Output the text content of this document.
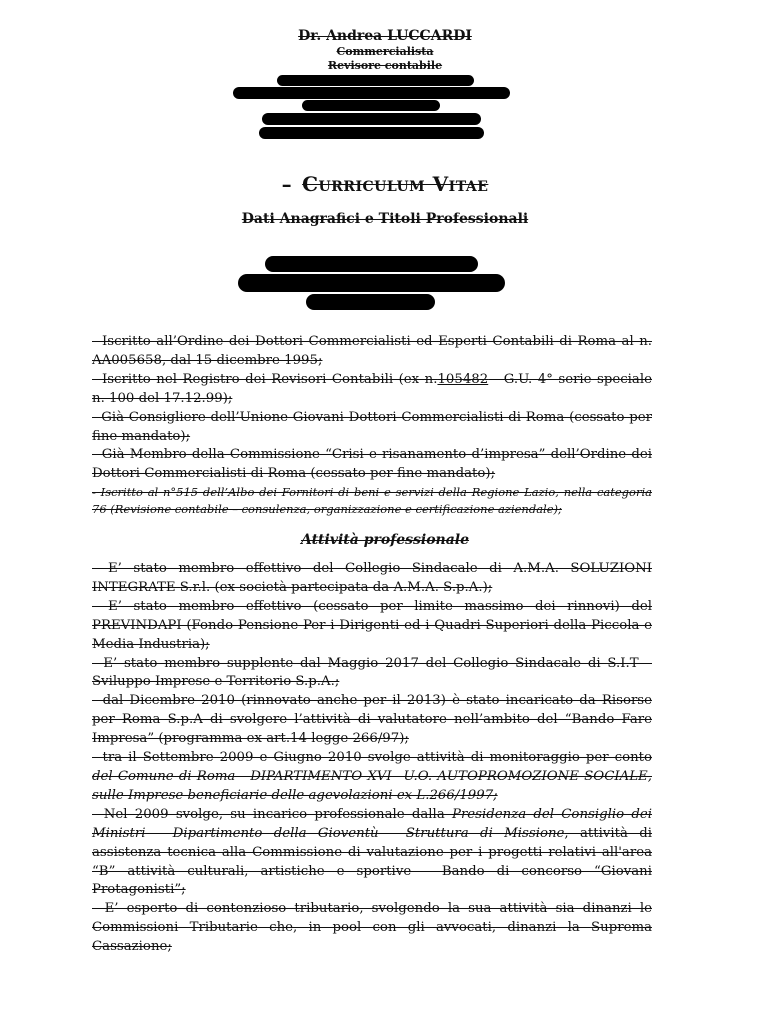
Dr. Andrea LUCCARDI
Commercialista
Revisore contabile
– Curriculum Vitae
Dati Anagrafici e Titoli Professionali

- Iscritto all’Ordine dei Dottori Commercialisti ed Esperti Contabili di Roma al n. AA005658, dal 15 dicembre 1995;

- Iscritto nel Registro dei Revisori Contabili (ex n.105482 - G.U. 4° serie speciale n. 100 del 17.12.99);

- Già Consigliere dell’Unione Giovani Dottori Commercialisti di Roma (cessato per fine mandato);

- Già Membro della Commissione “Crisi e risanamento d’impresa” dell’Ordine dei Dottori Commercialisti di Roma (cessato per fine mandato);

- Iscritto al n°515 dell’Albo dei Fornitori di beni e servizi della Regione Lazio, nella categoria 76 (Revisione contabile – consulenza, organizzazione e certificazione aziendale);

Attività professionale

- E’ stato membro effettivo del Collegio Sindacale di A.M.A. SOLUZIONI INTEGRATE S.r.l. (ex società partecipata da A.M.A. S.p.A.);

- E’ stato membro effettivo (cessato per limite massimo dei rinnovi) del PREVINDAPI (Fondo Pensione Per i Dirigenti ed i Quadri Superiori della Piccola e Media Industria);

- E’ stato membro supplente dal Maggio 2017 del Collegio Sindacale di S.I.T – Sviluppo Imprese e Territorio S.p.A.;

- dal Dicembre 2010 (rinnovato anche per il 2013) è stato incaricato da Risorse per Roma S.p.A di svolgere l’attività di valutatore nell’ambito del “Bando Fare Impresa” (programma ex art.14 legge 266/97);

- tra il Settembre 2009 e Giugno 2010 svolge attività di monitoraggio per conto del Comune di Roma - DIPARTIMENTO XVI– U.O. AUTOPROMOZIONE SOCIALE, sulle Imprese beneficiarie delle agevolazioni ex L.266/1997;

- Nel 2009 svolge, su incarico professionale dalla Presidenza del Consiglio dei Ministri - Dipartimento della Gioventù - Struttura di Missione, attività di assistenza tecnica alla Commissione di valutazione per i progetti relativi all'area “B” attività culturali, artistiche e sportive – Bando di concorso “Giovani Protagonisti”;

- E’ esperto di contenzioso tributario, svolgendo la sua attività sia dinanzi le Commissioni Tributarie che, in pool con gli avvocati, dinanzi la Suprema Cassazione;
